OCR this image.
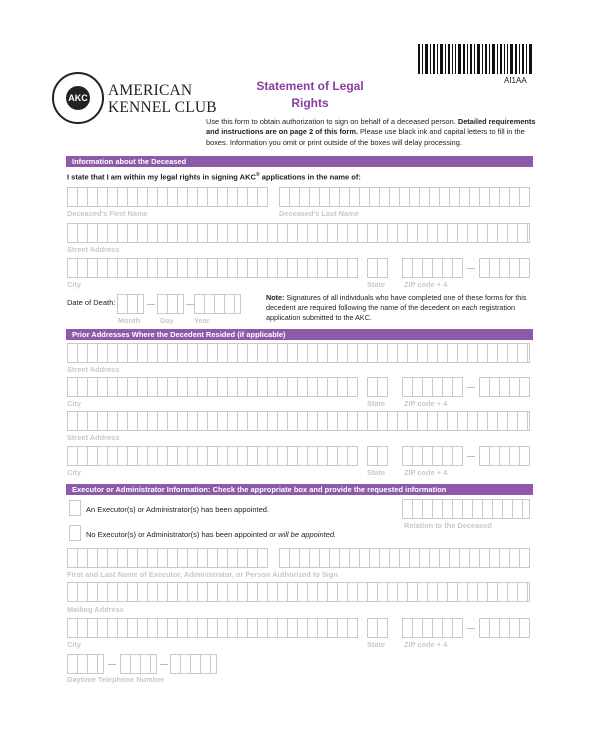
AKC AMERICAN
KENNEL CLUB
Statement of Legal
Rights
AI1AA
Use this form to obtain authorization to sign on behalf of a deceased person. Detailed requirements and instructions are on page 2 of this form. Please use black ink and capital letters to fill in the boxes. Information you omit or print outside of the boxes will delay processing.
Information about the Deceased
I state that I am within my legal rights in signing AKC® applications in the name of:
Deceased's First Name	Deceased's Last Name
Street Address
City	State	ZIP code + 4
Date of Death:
Month	Day	Year
Note: Signatures of all individuals who have completed one of these forms for this decedent are required following the name of the decedent on each registration application submitted to the AKC.
Prior Addresses Where the Decedent Resided (if applicable)
Street Address
City	State	ZIP code + 4
Street Address
City	State	ZIP code + 4
Executor or Administrator Information: Check the appropriate box and provide the requested information
An Executor(s) or Administrator(s) has been appointed.
Relation to the Deceased
No Executor(s) or Administrator(s) has been appointed or will be appointed.
First and Last Name of Executor, Administrator, or Person Authorized to Sign
Mailing Address
City	State	ZIP code + 4
Daytime Telephone Number
